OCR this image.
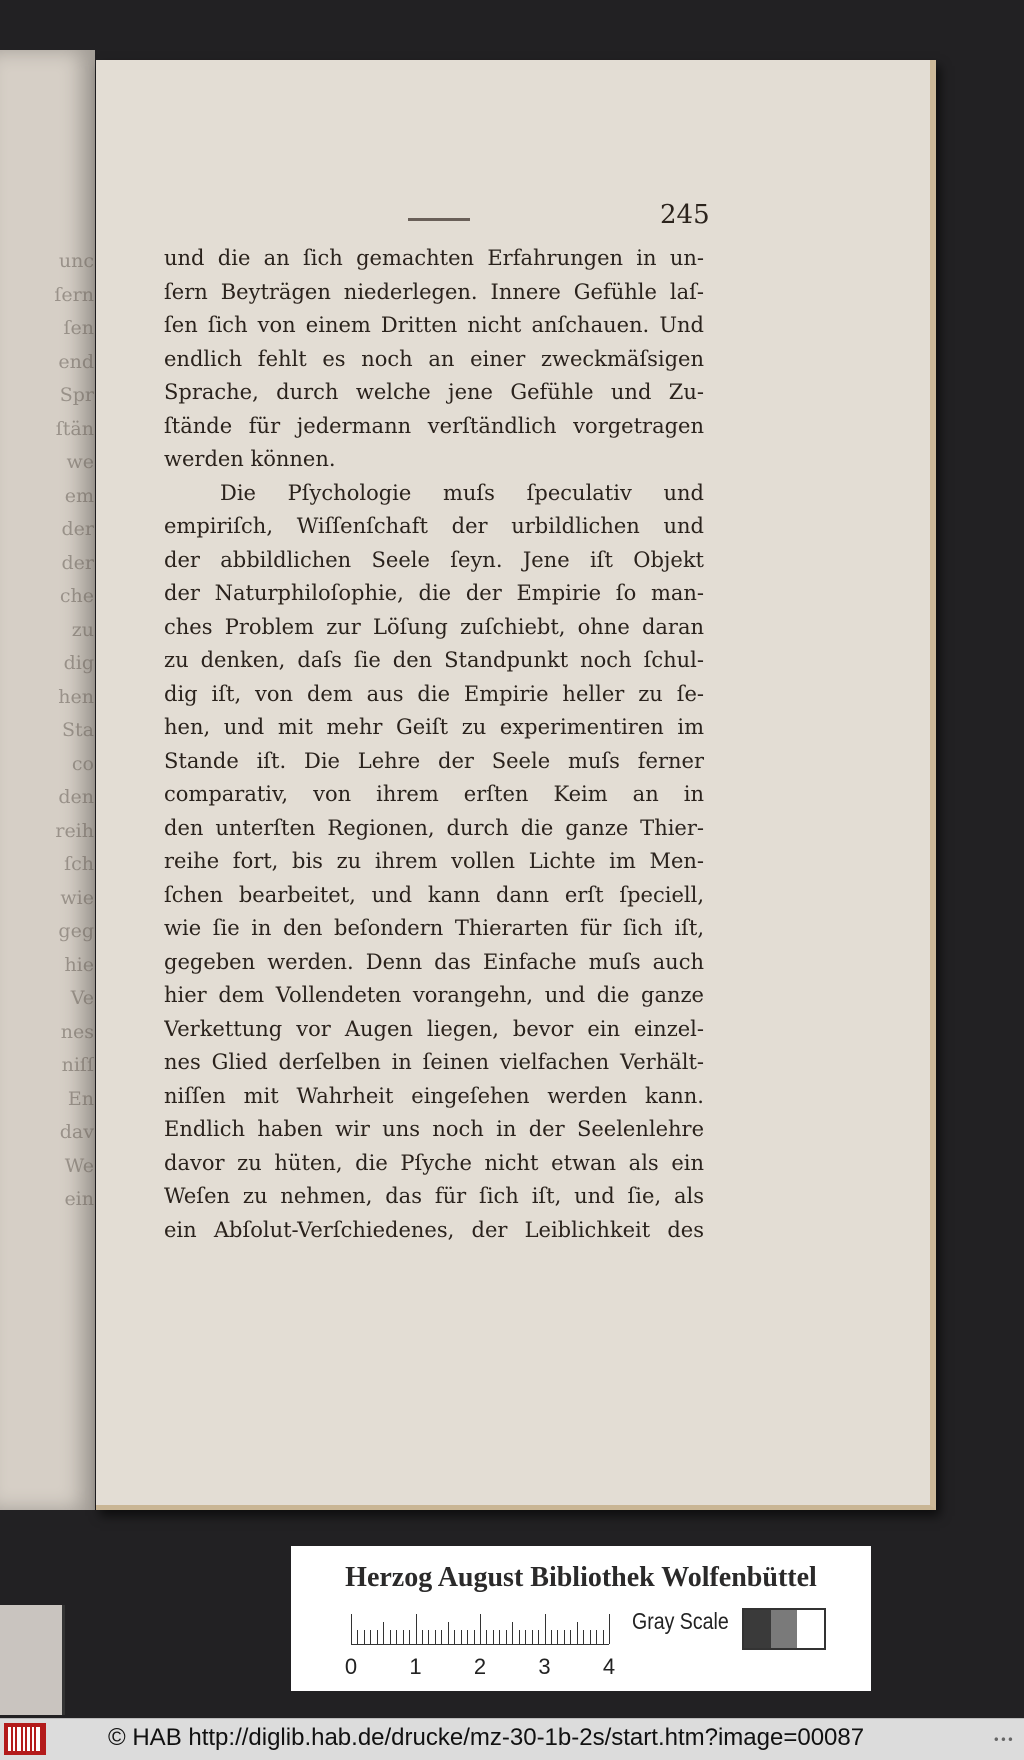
unc
ſern
ſen
end
Spr
ſtän
we
em
der
der
che
zu
dig
hen
Sta
co
den
reih
ſch
wie
geg
hie
Ve
nes
niſſ
En
dav
We
ein
245
und die an ſich gemachten Erfahrungen in un-
ſern Beyträgen niederlegen. Innere Gefühle laſ-
ſen ſich von einem Dritten nicht anſchauen. Und
endlich fehlt es noch an einer zweckmäſsigen
Sprache, durch welche jene Gefühle und Zu-
ſtände für jedermann verſtändlich vorgetragen
werden können.
Die Pſychologie muſs ſpeculativ und
empiriſch, Wiſſenſchaft der urbildlichen und
der abbildlichen Seele ſeyn. Jene iſt Objekt
der Naturphiloſophie, die der Empirie ſo man-
ches Problem zur Löſung zuſchiebt, ohne daran
zu denken, daſs ſie den Standpunkt noch ſchul-
dig iſt, von dem aus die Empirie heller zu ſe-
hen, und mit mehr Geiſt zu experimentiren im
Stande iſt. Die Lehre der Seele muſs ferner
comparativ, von ihrem erſten Keim an in
den unterſten Regionen, durch die ganze Thier-
reihe fort, bis zu ihrem vollen Lichte im Men-
ſchen bearbeitet, und kann dann erſt ſpeciell,
wie ſie in den beſondern Thierarten für ſich iſt,
gegeben werden. Denn das Einfache muſs auch
hier dem Vollendeten vorangehn, und die ganze
Verkettung vor Augen liegen, bevor ein einzel-
nes Glied derſelben in ſeinen vielfachen Verhält-
niſſen mit Wahrheit eingeſehen werden kann.
Endlich haben wir uns noch in der Seelenlehre
davor zu hüten, die Pſyche nicht etwan als ein
Weſen zu nehmen, das für ſich iſt, und ſie, als
ein Abſolut-Verſchiedenes, der Leiblichkeit des
Herzog August Bibliothek Wolfenbüttel
0 1 2 3 4
Gray Scale
© HAB http://diglib.hab.de/drucke/mz-30-1b-2s/start.htm?image=00087	•••
